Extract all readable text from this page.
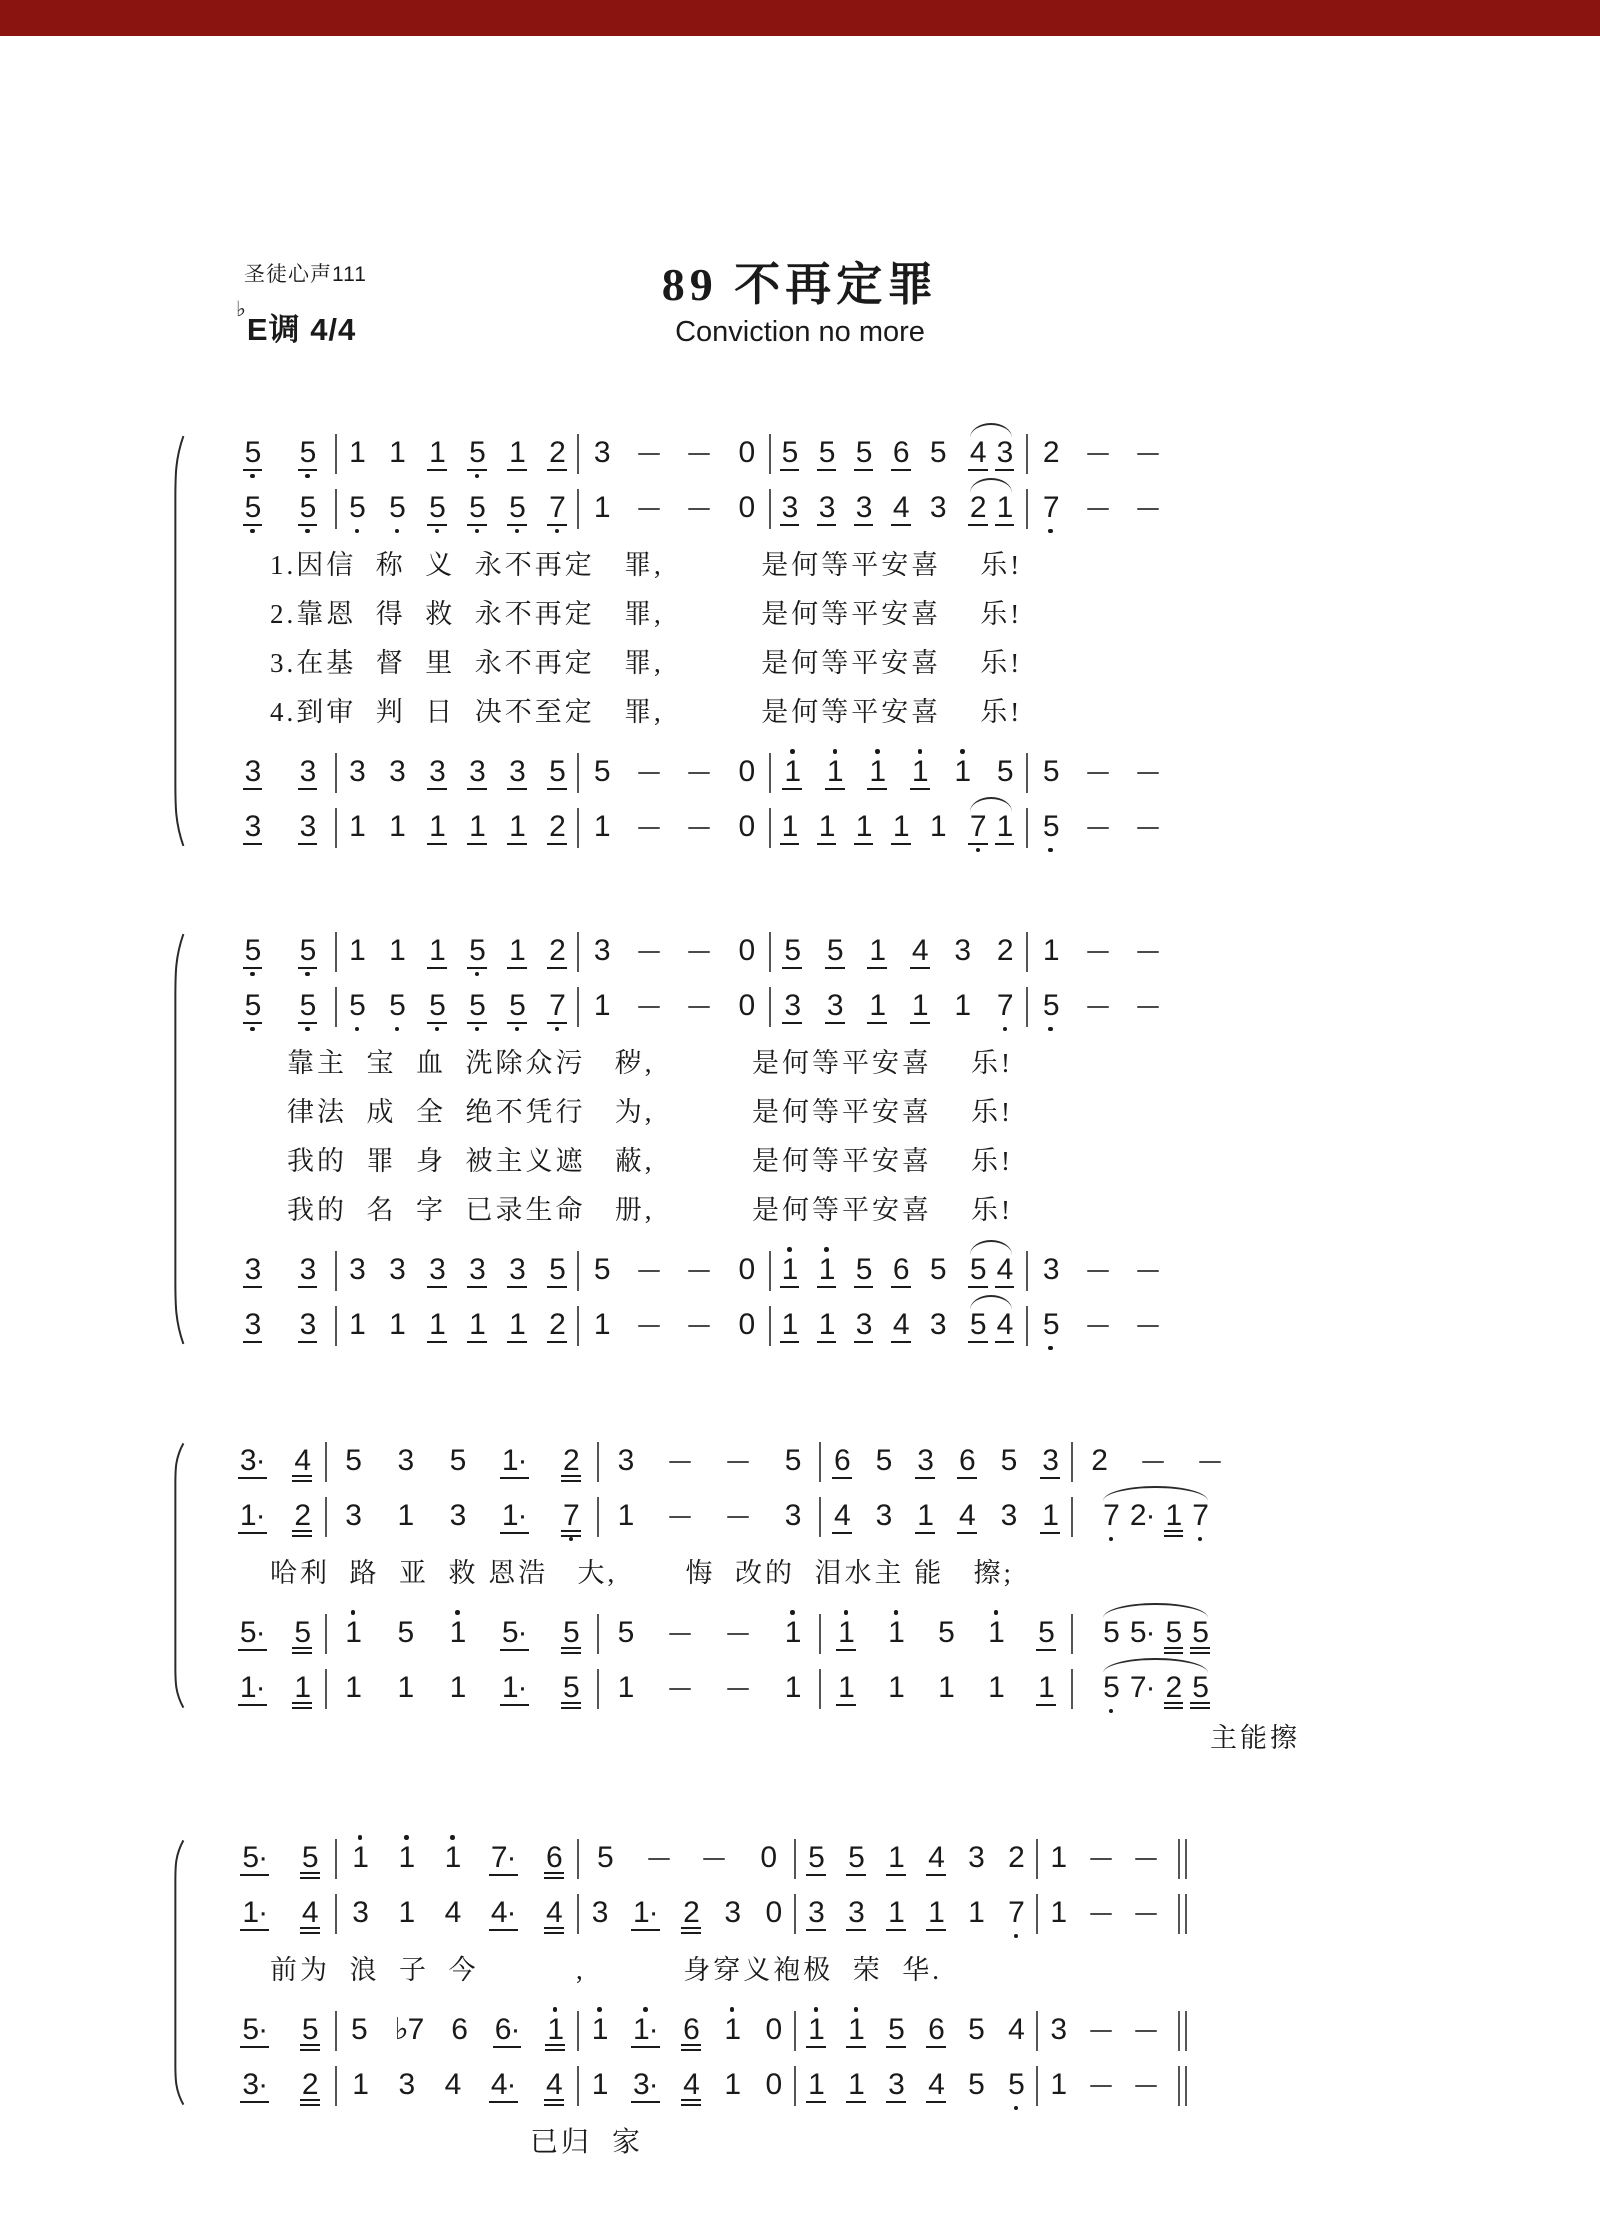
圣徒心声111
♭E调 4/4
89 不再定罪
Conviction no more
5 5 1 1 1 5 1 2 3	0 5 5 5 6 5 4 3 2
5 5 5 5 5 5 5 7 1	0 3 3 3 4 3 2 1 7
1.因信  称  义  永不再定   罪,          是何等平安喜    乐!
2.靠恩  得  救  永不再定   罪,          是何等平安喜    乐!
3.在基  督  里  永不再定   罪,          是何等平安喜    乐!
4.到审  判  日  决不至定   罪,          是何等平安喜    乐!
3 3 3 3 3 3 3 5 5	0 1 1 1 1 1 5 5
3 3 1 1 1 1 1 2 1	0 1 1 1 1 1 7 1 5
5 5 1 1 1 5 1 2 3	0 5 5 1 4 3 2 1
5 5 5 5 5 5 5 7 1	0 3 3 1 1 1 7 5
靠主  宝  血  洗除众污   秽,          是何等平安喜    乐!
律法  成  全  绝不凭行   为,          是何等平安喜    乐!
我的  罪  身  被主义遮   蔽,          是何等平安喜    乐!
我的  名  字  已录生命   册,          是何等平安喜    乐!
3 3 3 3 3 3 3 5 5	0 1 1 5 6 5 5 4 3
3 3 1 1 1 1 1 2 1	0 1 1 3 4 3 5 4 5
3· 4 5 3 5 1· 2 3	5 6 5 3 6 5 3 2
1· 2 3 1 3 1· 7 1	3 4 3 1 4 3 1 7 2· 1 7
哈利  路  亚  救 恩浩   大,       悔  改的  泪水主 能   擦;
5· 5 1 5 1 5· 5 5	1 1 1 5 1 5 5 5· 5 5
1· 1 1 1 1 1· 5 1	1 1 1 1 1 1 5 7· 2 5
主能擦
5· 5 1 1 1 7· 6 5	0 5 5 1 4 3 2 1
1· 4 3 1 4 4· 4 3 1· 2 3 0 3 3 1 1 1 7 1
前为  浪  子  今          ,          身穿义袍极  荣  华.
5· 5 5 ♭7 6 6· 1 1 1· 6 1 0 1 1 5 6 5 4 3
3· 2 1 3 4 4· 4 1 3· 4 1 0 1 1 3 4 5 5 1
已归  家
